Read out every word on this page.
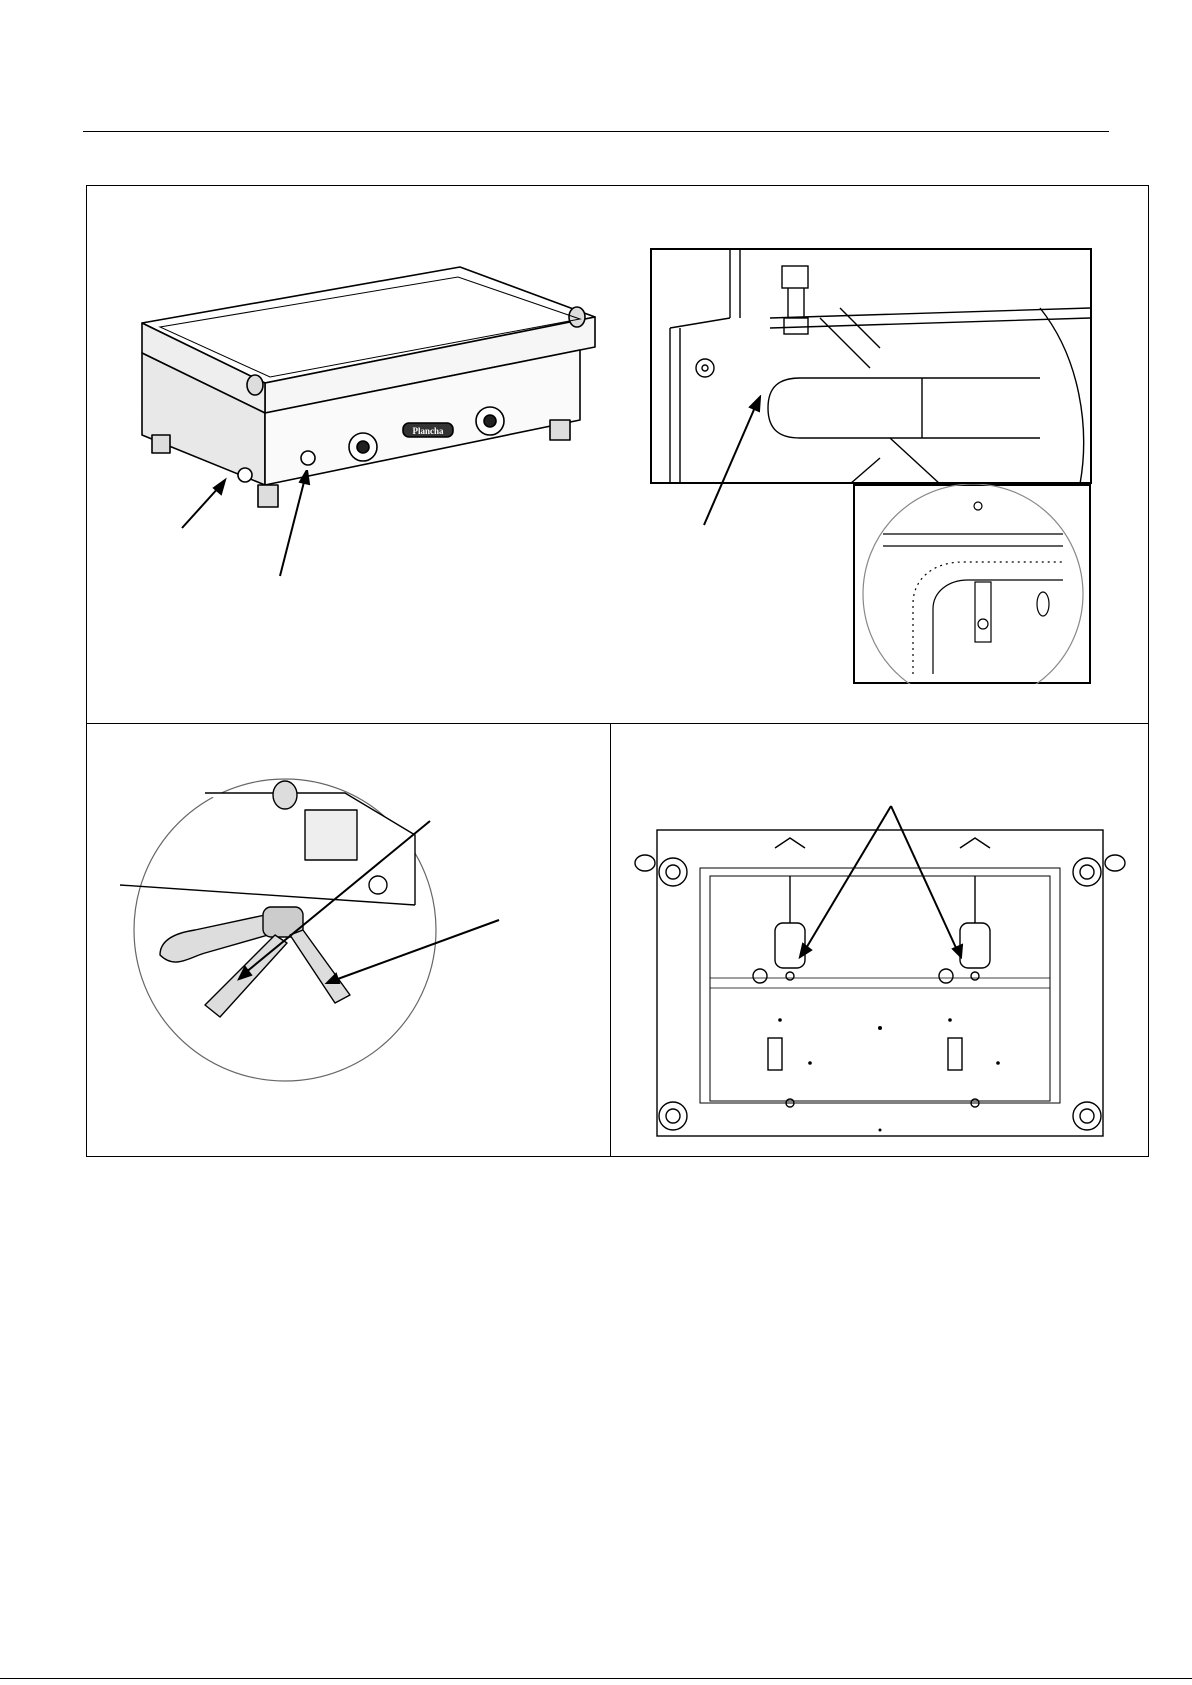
Plancha
